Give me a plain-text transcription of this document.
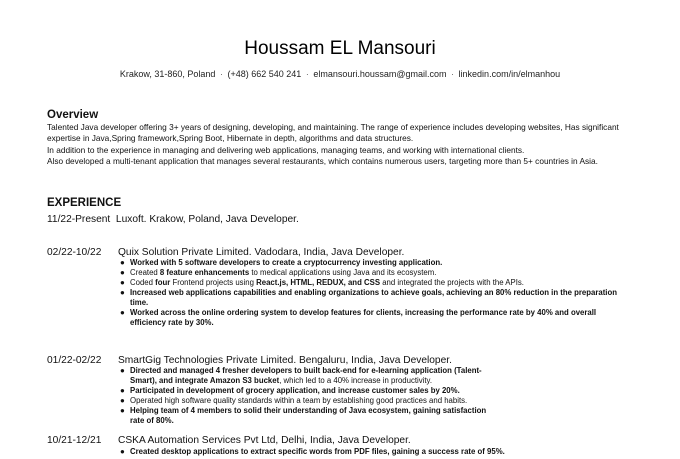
Houssam EL Mansouri
Krakow, 31-860, Poland · (+48) 662 540 241 · elmansouri.houssam@gmail.com · linkedin.com/in/elmanhou
Overview

Talented Java developer offering 3+ years of designing, developing, and maintaining. The range of experience includes developing websites, Has significant expertise in Java,Spring framework,Spring Boot, Hibernate in depth, algorithms and data structures.

In addition to the experience in managing and delivering web applications, managing teams, and working with international clients.

Also developed a multi-tenant application that manages several restaurants, which contains numerous users, targeting more than 5+ countries in Asia.

EXPERIENCE
11/22-Present Luxoft. Krakow, Poland, Java Developer.
02/22-10/22 Quix Solution Private Limited. Vadodara, India, Java Developer.
● Worked with 5 software developers to create a cryptocurrency investing application.
● Created 8 feature enhancements to medical applications using Java and its ecosystem.
● Coded four Frontend projects using React.js, HTML, REDUX, and CSS and integrated the projects with the APIs.
● Increased web applications capabilities and enabling organizations to achieve goals, achieving an 80% reduction in the preparation time.
● Worked across the online ordering system to develop features for clients, increasing the performance rate by 40% and overall efficiency rate by 30%.
01/22-02/22 SmartGig Technologies Private Limited. Bengaluru, India, Java Developer.
● Directed and managed 4 fresher developers to built back-end for e-learning application (Talent-Smart), and integrate Amazon S3 bucket, which led to a 40% increase in productivity.
● Participated in development of grocery application, and increase customer sales by 20%.
● Operated high software quality standards within a team by establishing good practices and habits.
● Helping team of 4 members to solid their understanding of Java ecosystem, gaining satisfaction rate of 80%.
10/21-12/21 CSKA Automation Services Pvt Ltd, Delhi, India, Java Developer.
● Created desktop applications to extract specific words from PDF files, gaining a success rate of 95%.
